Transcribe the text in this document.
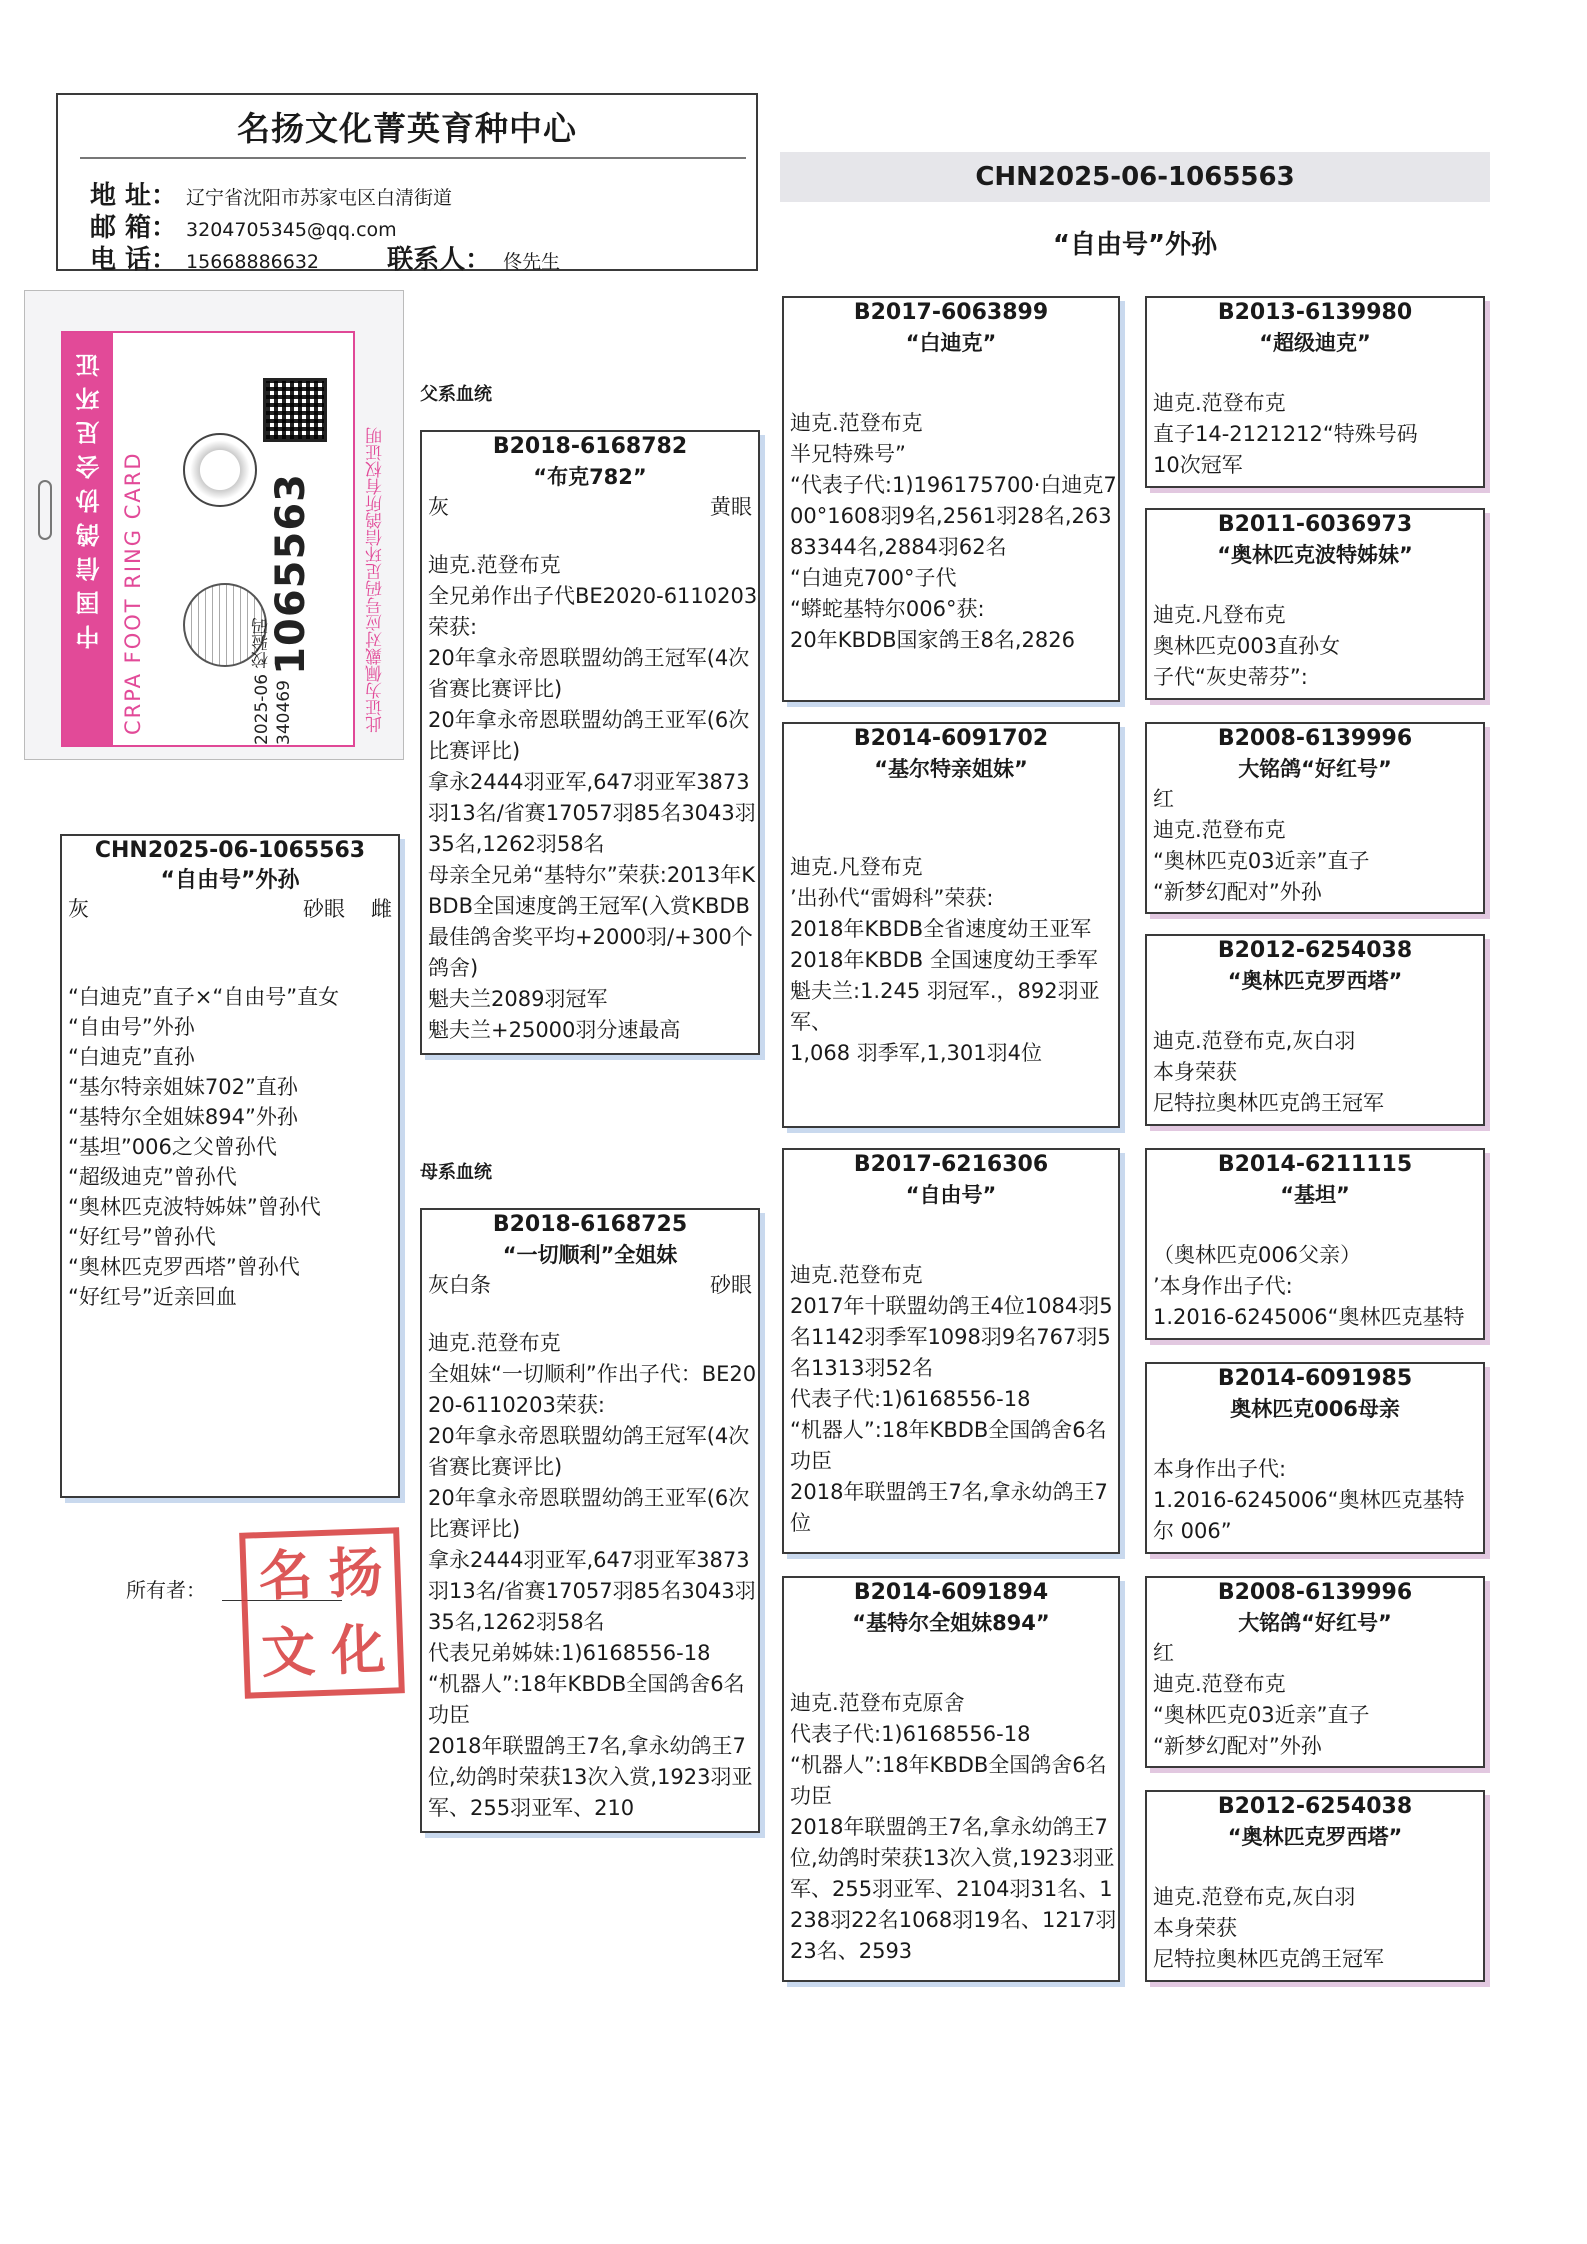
名扬文化菁英育种中心
地 址： 辽宁省沈阳市苏家屯区白清街道
邮 箱： 3204705345@qq.com
电 话： 15668886632	联系人： 佟先生
CHN2025-06-1065563
“自由号”外孙
中国信鸽协会足环证 CRPA FOOT RING CARD	1065563
2025-06 校验码 340469	此证为佩戴对应号码足环信鸽所有权证明
CHN2025-06-1065563
“自由号”外孙
灰	砂眼 雌
“白迪克”直子×“自由号”直女
“自由号”外孙
“白迪克”直孙
“基尔特亲姐妹702”直孙
“基特尔全姐妹894”外孙
“基坦”006之父曾孙代
“超级迪克”曾孙代
“奥林匹克波特姊妹”曾孙代
“好红号”曾孙代
“奥林匹克罗西塔”曾孙代
“好红号”近亲回血
父系血统
母系血统
B2018-6168782
“布克782”
灰	黄眼
迪克.范登布克
全兄弟作出子代BE2020-6110203荣获:
20年拿永帝恩联盟幼鸽王冠军(4次省赛比赛评比)
20年拿永帝恩联盟幼鸽王亚军(6次比赛评比)
拿永2444羽亚军,647羽亚军3873羽13名/省赛17057羽85名3043羽35名,1262羽58名
母亲全兄弟“基特尔”荣获:2013年KBDB全国速度鸽王冠军(入赏KBDB最佳鸽舍奖平均+2000羽/+300个鸽舍)
魁夫兰2089羽冠军
魁夫兰+25000羽分速最高
B2018-6168725
“一切顺利”全姐妹
灰白条	砂眼
迪克.范登布克
全姐妹“一切顺利”作出子代：BE2020-6110203荣获:
20年拿永帝恩联盟幼鸽王冠军(4次省赛比赛评比)
20年拿永帝恩联盟幼鸽王亚军(6次比赛评比)
拿永2444羽亚军,647羽亚军3873羽13名/省赛17057羽85名3043羽35名,1262羽58名
代表兄弟姊妹:1)6168556-18
“机器人”:18年KBDB全国鸽舍6名功臣
2018年联盟鸽王7名,拿永幼鸽王7位,幼鸽时荣获13次入赏,1923羽亚军、255羽亚军、210
B2017-6063899
“白迪克”
迪克.范登布克
半兄特殊号”
“代表子代:1)196175700·白迪克700°1608羽9名,2561羽28名,26383344名,2884羽62名
“白迪克700°子代
“蟒蛇基特尔006°获:
20年KBDB国家鸽王8名,2826
B2014-6091702
“基尔特亲姐妹”
迪克.凡登布克
’出孙代“雷姆科”荣获:
2018年KBDB全省速度幼王亚军
2018年KBDB 全国速度幼王季军
魁夫兰:1.245 羽冠军.，892羽亚军、
1,068 羽季军,1,301羽4位
B2017-6216306
“自由号”
迪克.范登布克
2017年十联盟幼鸽王4位1084羽5名1142羽季军1098羽9名767羽5名1313羽52名
代表子代:1)6168556-18
“机器人”:18年KBDB全国鸽舍6名功臣
2018年联盟鸽王7名,拿永幼鸽王7位
B2014-6091894
“基特尔全姐妹894”
迪克.范登布克原舍
代表子代:1)6168556-18
“机器人”:18年KBDB全国鸽舍6名功臣
2018年联盟鸽王7名,拿永幼鸽王7位,幼鸽时荣获13次入赏,1923羽亚军、255羽亚军、2104羽31名、1238羽22名1068羽19名、1217羽23名、2593
B2013-6139980
“超级迪克”
迪克.范登布克
直子14-2121212“特殊号码
10次冠军
B2011-6036973
“奥林匹克波特姊妹”
迪克.凡登布克
奥林匹克003直孙女
子代“灰史蒂芬”:
B2008-6139996
大铭鸽“好红号”
红
迪克.范登布克
“奥林匹克03近亲”直子
“新梦幻配对”外孙
B2012-6254038
“奥林匹克罗西塔”
迪克.范登布克,灰白羽
本身荣获
尼特拉奥林匹克鸽王冠军
B2014-6211115
“基坦”
（奥林匹克006父亲）
’本身作出子代:
1.2016-6245006“奥林匹克基特
B2014-6091985
奥林匹克006母亲
本身作出子代:
1.2016-6245006“奥林匹克基特尔 006”
B2008-6139996
大铭鸽“好红号”
红
迪克.范登布克
“奥林匹克03近亲”直子
“新梦幻配对”外孙
B2012-6254038
“奥林匹克罗西塔”
迪克.范登布克,灰白羽
本身荣获
尼特拉奥林匹克鸽王冠军
所有者： 名 扬
文 化
